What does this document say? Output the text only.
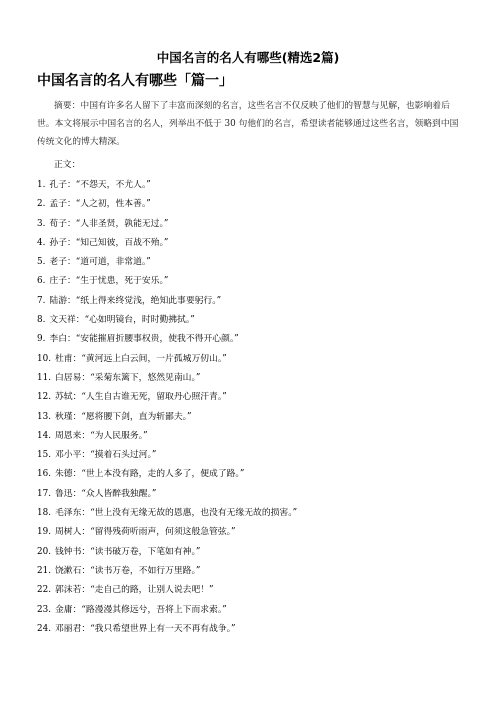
中国名言的名人有哪些(精选2篇)
中国名言的名人有哪些「篇一」

摘要：中国有许多名人留下了丰富而深刻的名言，这些名言不仅反映了他们的智慧与见解，也影响着后世。本文将展示中国名言的名人，列举出不低于 30 句他们的名言，希望读者能够通过这些名言，领略到中国传统文化的博大精深。

正文：

1. 孔子：“不怨天，不尤人。”
2. 孟子：“人之初，性本善。”
3. 荀子：“人非圣贤，孰能无过。”
4. 孙子：“知己知彼，百战不殆。”
5. 老子：“道可道，非常道。”
6. 庄子：“生于忧患，死于安乐。”
7. 陆游：“纸上得来终觉浅，绝知此事要躬行。”
8. 文天祥：“心如明镜台，时时勤拂拭。”
9. 李白：“安能摧眉折腰事权贵，使我不得开心颜。”
10. 杜甫：“黄河远上白云间，一片孤城万仞山。”
11. 白居易：“采菊东篱下，悠然见南山。”
12. 苏轼：“人生自古谁无死，留取丹心照汗青。”
13. 秋瑾：“愿将腰下剑，直为斩鄙夫。”
14. 周恩来：“为人民服务。”
15. 邓小平：“摸着石头过河。”
16. 朱德：“世上本没有路，走的人多了，便成了路。”
17. 鲁迅：“众人皆醉我独醒。”
18. 毛泽东：“世上没有无缘无故的恩惠，也没有无缘无故的损害。”
19. 周树人：“留得残荷听雨声，何须这般急管弦。”
20. 钱钟书：“读书破万卷，下笔如有神。”
21. 饶漱石：“读书万卷，不如行万里路。”
22. 郭沫若：“走自己的路，让别人说去吧！”
23. 金庸：“路漫漫其修远兮，吾将上下而求索。”
24. 邓丽君：“我只希望世界上有一天不再有战争。”
